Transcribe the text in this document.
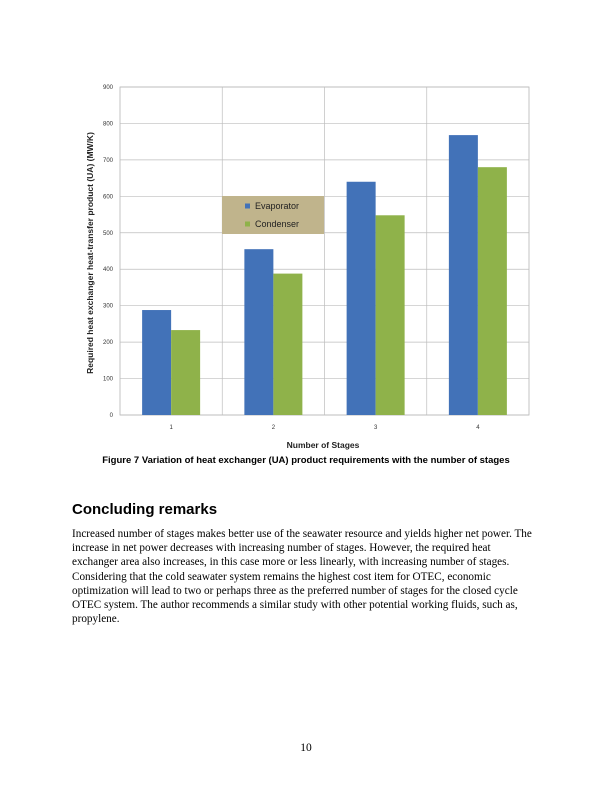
0
100
200
300
400
500
600
700
800
900
1	2	3	4
Evaporator
Condenser
Required heat exchanger heat-transfer product (UA) (MW/K)
Number of Stages
Figure 7 Variation of heat exchanger (UA) product requirements with the number of stages
Concluding remarks

Increased number of stages makes better use of the seawater resource and yields higher net power. The increase in net power decreases with increasing number of stages. However, the required heat exchanger area also increases, in this case more or less linearly, with increasing number of stages. Considering that the cold seawater system remains the highest cost item for OTEC, economic optimization will lead to two or perhaps three as the preferred number of stages for the closed cycle OTEC system. The author recommends a similar study with other potential working fluids, such as, propylene.

10
